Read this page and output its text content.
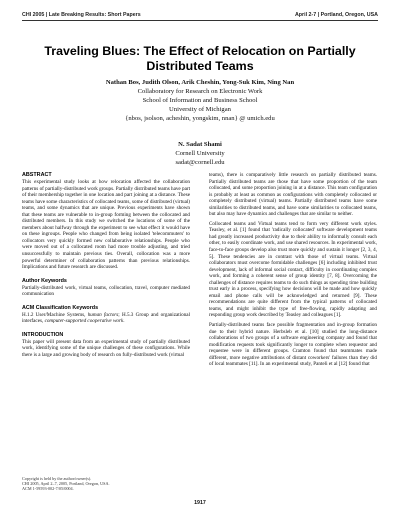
CHI 2005 | Late Breaking Results: Short Papers	April 2-7 | Portland, Oregon, USA
Traveling Blues: The Effect of Relocation on Partially Distributed Teams
Nathan Bos, Judith Olson, Arik Cheshin, Yong-Suk Kim, Ning Nan
Collaboratory for Research on Electronic Work
School of Information and Business School
University of Michigan
{nbos, jsolson, acheshin, yongskim, nnan} @ umich.edu
N. Sadat Shami
Cornell University
sadat@cornell.edu
ABSTRACT

This experimental study looks at how relocation affected the collaboration patterns of partially-distributed work groups. Partially distributed teams have part of their membership together in one location and part joining at a distance. These teams have some characteristics of collocated teams, some of distributed (virtual) teams, and some dynamics that are unique. Previous experiments have shown that these teams are vulnerable to in-group forming between the collocated and distributed members. In this study we switched the locations of some of the members about halfway through the experiment to see what effect it would have on these ingroups. People who changed from being isolated 'telecommuters' to collocators very quickly formed new collaborative relationships. People who were moved out of a collocated room had more trouble adjusting, and tried unsuccessfully to maintain previous ties. Overall, collocation was a more powerful determiner of collaboration patterns than previous relationships. Implications and future research are discussed.

Author Keywords

Partially-distributed work, virtual teams, collocation, travel, computer mediated communication

ACM Classification Keywords

H.1.2 User/Machine Systems, human factors; H.5.3 Group and organizational interfaces, computer-supported cooperative work.

INTRODUCTION

This paper will present data from an experimental study of partially distributed work, identifying some of the unique challenges of these configurations. While there is a large and growing body of research on fully-distributed work (virtual

Copyright is held by the author/owner(s).
CHI 2005, April 2–7, 2005, Portland, Oregon, USA.
ACM 1-59593-002-7/05/0004.

teams), there is comparatively little research on partially distributed teams. Partially distributed teams are those that have some proportion of the team collocated, and some proportion joining in at a distance. This team configuration is probably at least as common as configurations with completely collocated or completely distributed (virtual) teams. Partially distributed teams have some similarities to distributed teams, and have some similarities to collocated teams, but also may have dynamics and challenges that are similar to neither.

Collocated teams and Virtual teams tend to form very different work styles. Teasley, et al. [1] found that 'radically collocated' software development teams had greatly increased productivity due to their ability to informally consult each other, to easily coordinate work, and use shared resources. In experimental work, face-to-face groups develop also trust more quickly and sustain it longer [2, 3, 4, 5]. These tendencies are in contrast with those of virtual teams. Virtual collaborators must overcome formidable challenges [6] including inhibited trust development, lack of informal social contact, difficulty in coordinating complex work, and forming a coherent sense of group identity [7, 8]. Overcoming the challenges of distance requires teams to do such things as spending time building trust early in a process, specifying how decisions will be made and how quickly email and phone calls will be acknowledged and returned [9]. These recommendations are quite different from the typical patterns of collocated teams, and might inhibit the type of free-flowing, rapidly adapting and responding group work described by Teasley and colleagues [1].

Partially-distributed teams face possible fragmentation and in-group formation due to their hybrid nature. Herbsleb et al. [10] studied the long-distance collaborations of two groups of a software engineering company and found that modification requests took significantly longer to complete when requestor and requestee were in different groups. Cramton found that teammates made different, more negative attributions of distant coworkers' failures than they did of local teammates [11]. In an experimental study, Panteli et al [12] found that

1917
